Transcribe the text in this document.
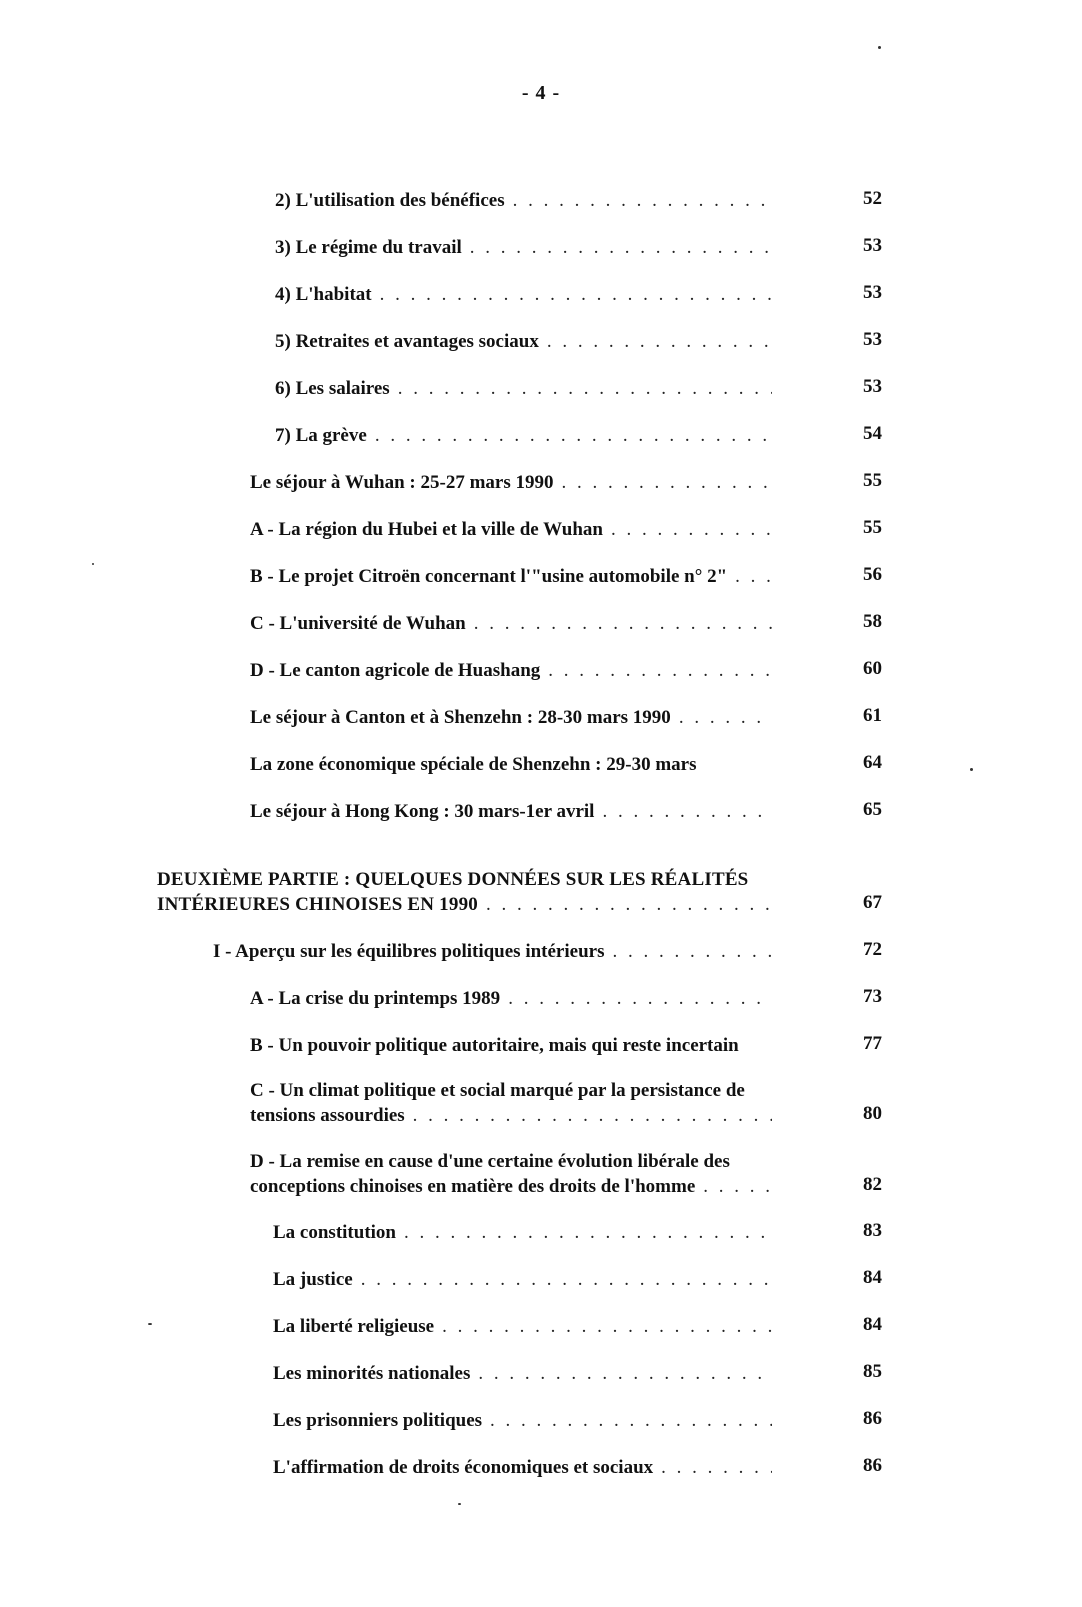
- 4 -
2) L'utilisation des bénéfices . . .	52
3) Le régime du travail . . .	53
4) L'habitat . . .	53
5) Retraites et avantages sociaux . . .	53
6) Les salaires . . .	53
7) La grève . . .	54
Le séjour à Wuhan : 25-27 mars 1990 . . .	55
A - La région du Hubei et la ville de Wuhan . . .	55
B - Le projet Citroën concernant l'"usine automobile n° 2" . . .	56
C - L'université de Wuhan . . .	58
D - Le canton agricole de Huashang . . .	60
Le séjour à Canton et à Shenzehn : 28-30 mars 1990 . . .	61
La zone économique spéciale de Shenzehn : 29-30 mars	64
Le séjour à Hong Kong : 30 mars-1er avril . . .	65
DEUXIÈME PARTIE : QUELQUES DONNÉES SUR LES RÉALITÉS
INTÉRIEURES CHINOISES EN 1990 . . .	67
I - Aperçu sur les équilibres politiques intérieurs . . .	72
A - La crise du printemps 1989 . . .	73
B - Un pouvoir politique autoritaire, mais qui reste incertain	77
C - Un climat politique et social marqué par la persistance de
tensions assourdies . . .	80
D - La remise en cause d'une certaine évolution libérale des
conceptions chinoises en matière des droits de l'homme . . .	82
La constitution . . .	83
La justice . . .	84
La liberté religieuse . . .	84
Les minorités nationales . . .	85
Les prisonniers politiques . . .	86
L'affirmation de droits économiques et sociaux . . .	86
